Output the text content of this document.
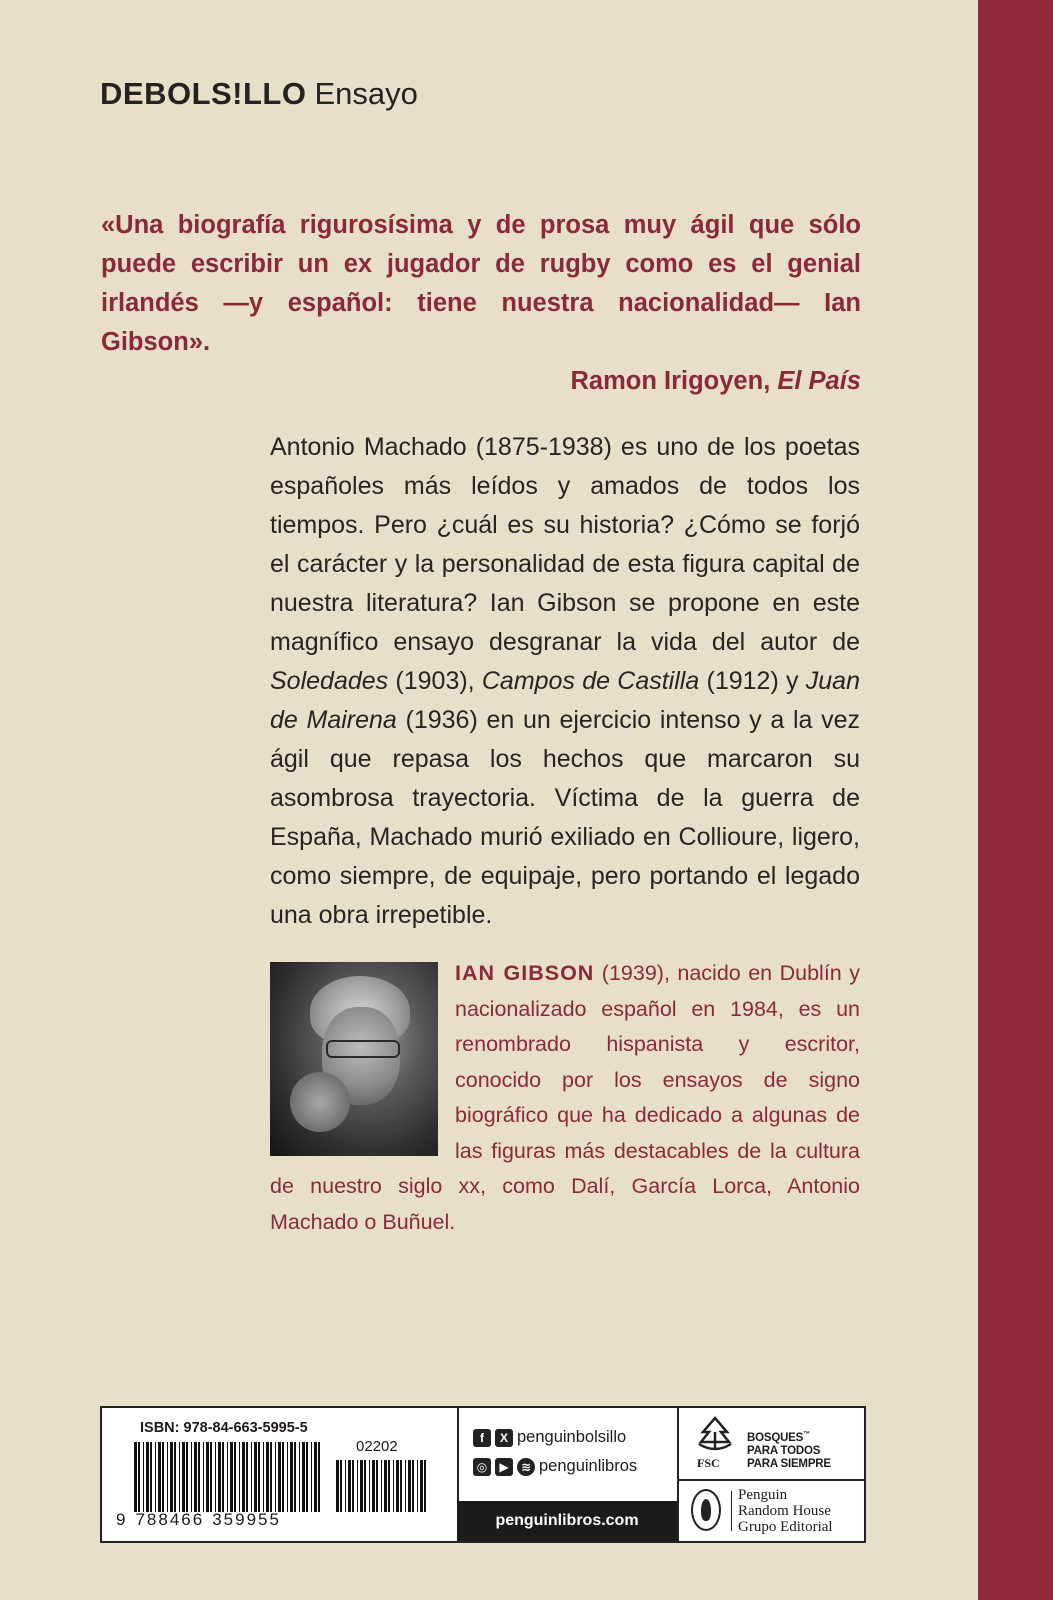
DEBOLS!LLO Ensayo
«Una biografía rigurosísima y de prosa muy ágil que sólo puede escribir un ex jugador de rugby como es el genial irlandés —y español: tiene nuestra nacionalidad— Ian Gibson».
Ramon Irigoyen, El País

Antonio Machado (1875-1938) es uno de los poetas españoles más leídos y amados de todos los tiempos. Pero ¿cuál es su historia? ¿Cómo se forjó el carácter y la personalidad de esta figura capital de nuestra literatura? Ian Gibson se propone en este magnífico ensayo desgranar la vida del autor de Soledades (1903), Campos de Castilla (1912) y Juan de Mairena (1936) en un ejercicio intenso y a la vez ágil que repasa los hechos que marcaron su asombrosa trayectoria. Víctima de la guerra de España, Machado murió exiliado en Collioure, ligero, como siempre, de equipaje, pero portando el legado una obra irrepetible.

IAN GIBSON (1939), nacido en Dublín y nacionalizado español en 1984, es un renombrado hispanista y escritor, conocido por los ensayos de signo biográfico que ha dedicado a algunas de las figuras más destacables de la cultura de nuestro siglo xx, como Dalí, García Lorca, Antonio Machado o Buñuel.
ISBN: 978-84-663-5995-5
02202
9 788466 359955
f	X penguinbolsillo
◎	▶	≋ penguinlibros
penguinlibros.com
FSC
BOSQUES™
PARA TODOS
PARA SIEMPRE
Penguin
Random House
Grupo Editorial
